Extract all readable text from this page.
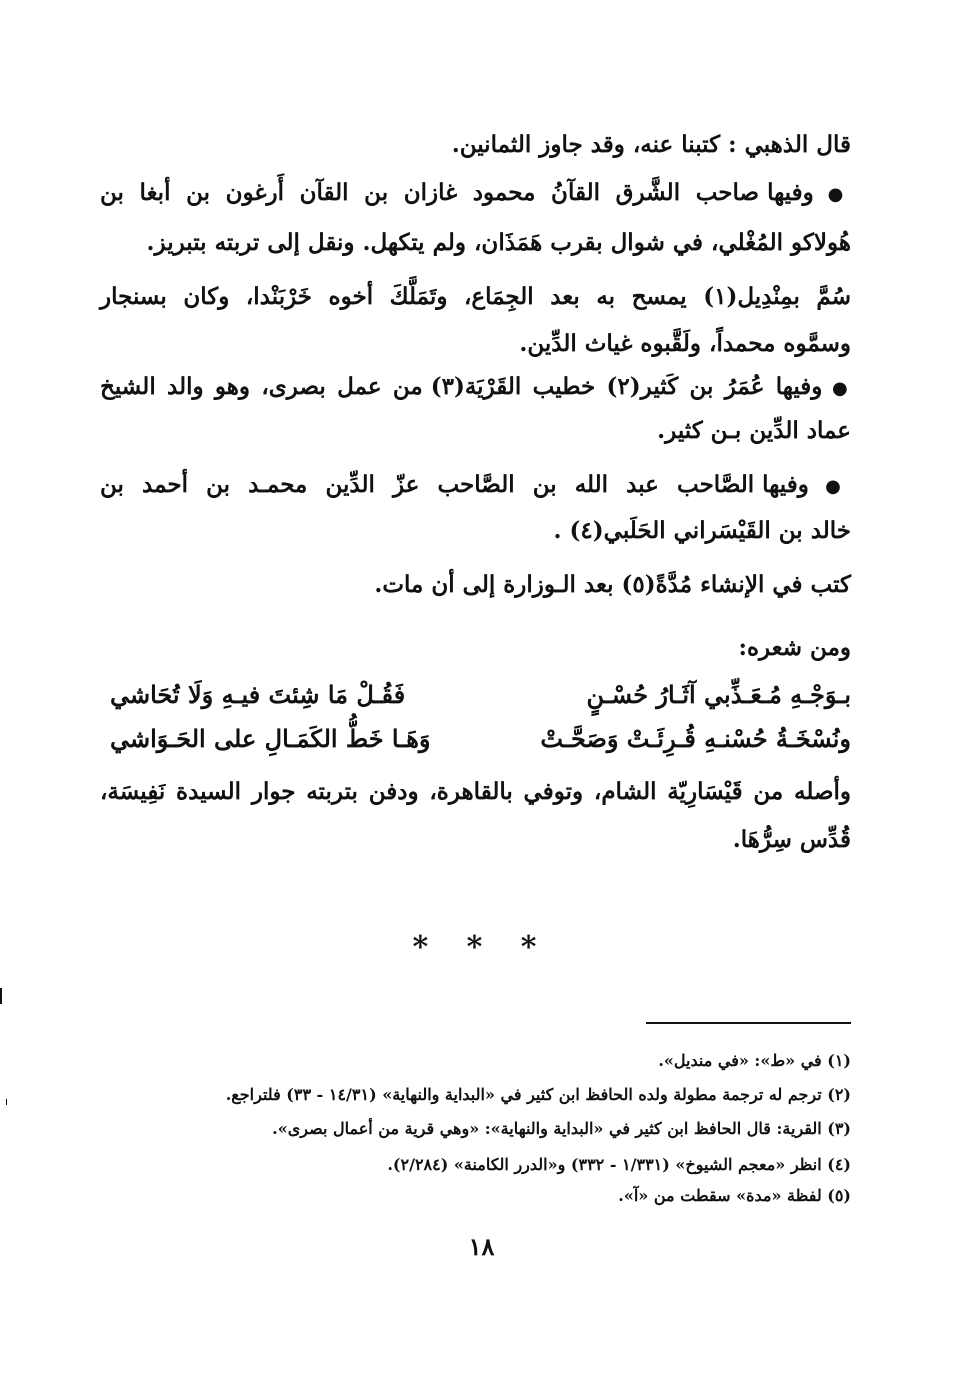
قال الذهبي : كتبنا عنه، وقد جاوز الثمانين.
● وفيها صاحب الشَّرق القآنُ محمود غازان بن القآن أَرغون بن أبغا بن
هُولاكو المُغْلي، في شوال بقرب هَمَذَان، ولم يتكهل. ونقل إلى تربته بتبريز.
سُمَّ بمِنْدِيل(١) يمسح به بعد الجِمَاع، وتَمَلَّكَ أخوه خَرْبَنْدا، وكان بسنجار
وسمَّوه محمداً، ولَقَّبوه غياث الدِّين.
● وفيها عُمَرُ بن كَثير(٢) خطيب القَرْيَة(٣) من عمل بصرى، وهو والد الشيخ
عماد الدِّين بـن كثير.
● وفيها الصَّاحب عبد الله بن الصَّاحب عزّ الدِّين محمـد بن أحمد بن
خالد بن القَيْسَراني الحَلَبي(٤) .
كتب في الإنشاء مُدَّةً(٥) بعد الـوزارة إلى أن مات.
ومن شعره:
بـوَجْـهِ مُـعَـذِّبي آثَـارُ حُسْـنٍ
فَقُـلْ مَا شِئتَ فيـهِ وَلَا تُحَاشي
ونُسْخَـةُ حُسْنـهِ قُـرِئَـتْ وَصَحَّـتْ
وَهَـا خَطُّ الكَمَـالِ على الحَـوَاشي
وأصله من قَيْسَارِيّة الشام، وتوفي بالقاهرة، ودفن بتربته جوار السيدة نَفِيسَة،
قُدِّس سِرُّهَا.
* * *
(١) في «ط»: «في منديل».
(٢) ترجم له ترجمة مطولة ولده الحافظ ابن كثير في «البداية والنهاية» (١٤/٣١ - ٣٣) فلتراجع.
(٣) القرية: قال الحافظ ابن كثير في «البداية والنهاية»: «وهي قرية من أعمال بصرى».
(٤) انظر «معجم الشيوخ» (١/٣٣١ - ٣٣٢) و«الدرر الكامنة» (٢/٢٨٤).
(٥) لفظة «مدة» سقطت من «آ».
١٨
